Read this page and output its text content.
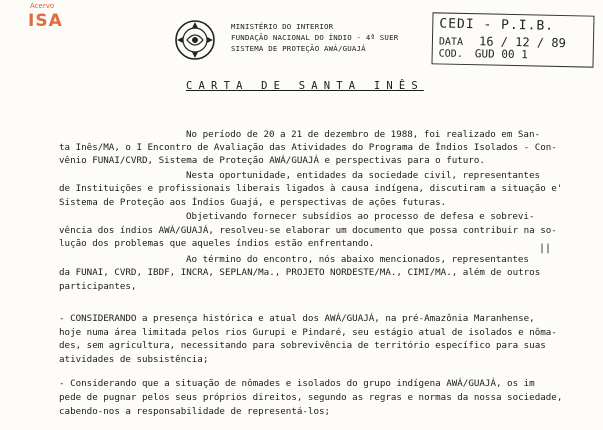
Acervo
ISA	MINISTÉRIO DO INTERIOR
FUNDAÇÃO NACIONAL DO ÍNDIO - 4ª SUER
SISTEMA DE PROTEÇÃO AWÁ/GUAJÁ
CEDI - P.I.B.
DATA 16 / 12 / 89
COD. GUD 00 1
CARTA DE SANTA INÊS
No período de 20 a 21 de dezembro de 1988, foi realizado em San-
ta Inês/MA, o I Encontro de Avaliação das Atividades do Programa de Índios Isolados - Con-
vênio FUNAI/CVRD, Sistema de Proteção AWÁ/GUAJÁ e perspectivas para o futuro.
Nesta oportunidade, entidades da sociedade civil, representantes
de Instituições e profissionais liberais ligados à causa indígena, discutiram a situação e'
Sistema de Proteção aos Índios Guajá, e perspectivas de ações futuras.
Objetivando fornecer subsídios ao processo de defesa e sobrevi-
vência dos índios AWÁ/GUAJÁ, resolveu-se elaborar um documento que possa contribuir na so-
lução dos problemas que aqueles índios estão enfrentando.
Ao término do encontro, nós abaixo mencionados, representantes
da FUNAI, CVRD, IBDF, INCRA, SEPLAN/Ma., PROJETO NORDESTE/MA., CIMI/MA., além de outros
participantes,
- CONSIDERANDO a presença histórica e atual dos AWÁ/GUAJÁ, na pré-Amazônia Maranhense,
hoje numa área limitada pelos rios Gurupi e Pindaré, seu estágio atual de isolados e nôma-
des, sem agricultura, necessitando para sobrevivência de território específico para suas
atividades de subsistência;
- Considerando que a situação de nômades e isolados do grupo indígena AWÁ/GUAJÁ, os im
pede de pugnar pelos seus próprios direitos, segundo as regras e normas da nossa sociedade,
cabendo-nos a responsabilidade de representá-los;
||
